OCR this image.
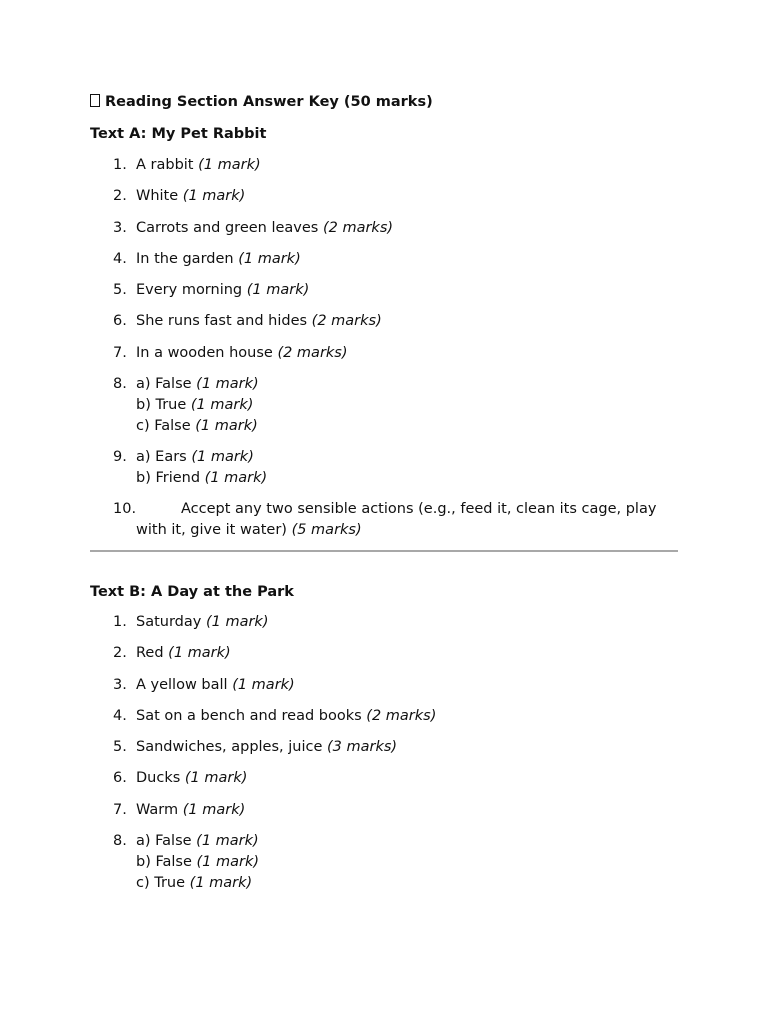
Reading Section Answer Key (50 marks)
Text A: My Pet Rabbit
1. A rabbit (1 mark)
2. White (1 mark)
3. Carrots and green leaves (2 marks)
4. In the garden (1 mark)
5. Every morning (1 mark)
6. She runs fast and hides (2 marks)
7. In a wooden house (2 marks)
8. a) False (1 mark)
b) True (1 mark)
c) False (1 mark)
9. a) Ears (1 mark)
b) Friend (1 mark)
10.	Accept any two sensible actions (e.g., feed it, clean its cage, play with it, give it water) (5 marks)
Text B: A Day at the Park
1. Saturday (1 mark)
2. Red (1 mark)
3. A yellow ball (1 mark)
4. Sat on a bench and read books (2 marks)
5. Sandwiches, apples, juice (3 marks)
6. Ducks (1 mark)
7. Warm (1 mark)
8. a) False (1 mark)
b) False (1 mark)
c) True (1 mark)
